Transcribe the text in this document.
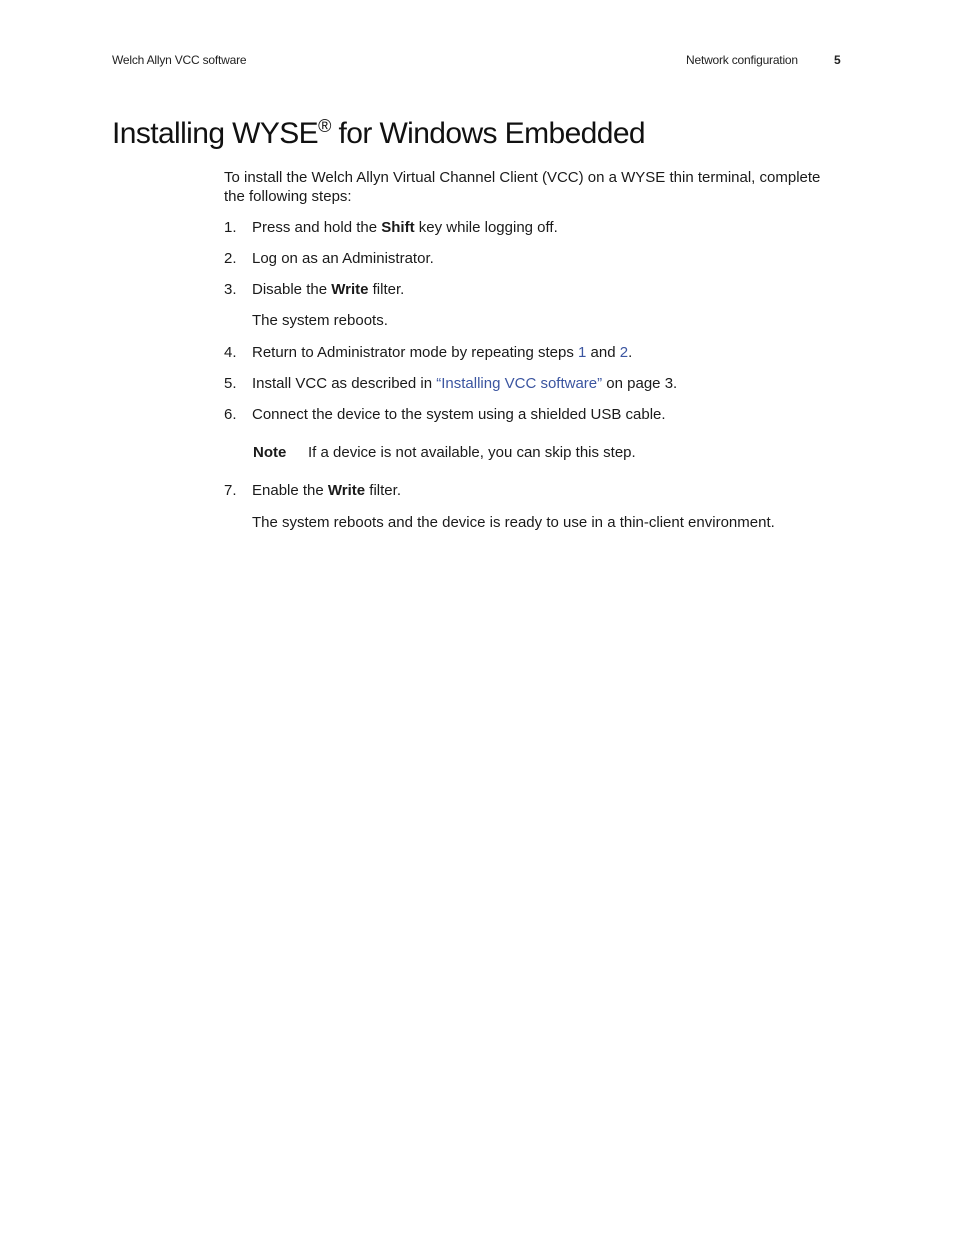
Welch Allyn VCC software	Network configuration	5
Installing WYSE® for Windows Embedded

To install the Welch Allyn Virtual Channel Client (VCC) on a WYSE thin terminal, complete the following steps:

1. Press and hold the Shift key while logging off.
2. Log on as an Administrator.
3. Disable the Write filter.
The system reboots.
4. Return to Administrator mode by repeating steps 1 and 2.
5. Install VCC as described in “Installing VCC software” on page 3.
6. Connect the device to the system using a shielded USB cable.
Note If a device is not available, you can skip this step.
7. Enable the Write filter.
The system reboots and the device is ready to use in a thin-client environment.
